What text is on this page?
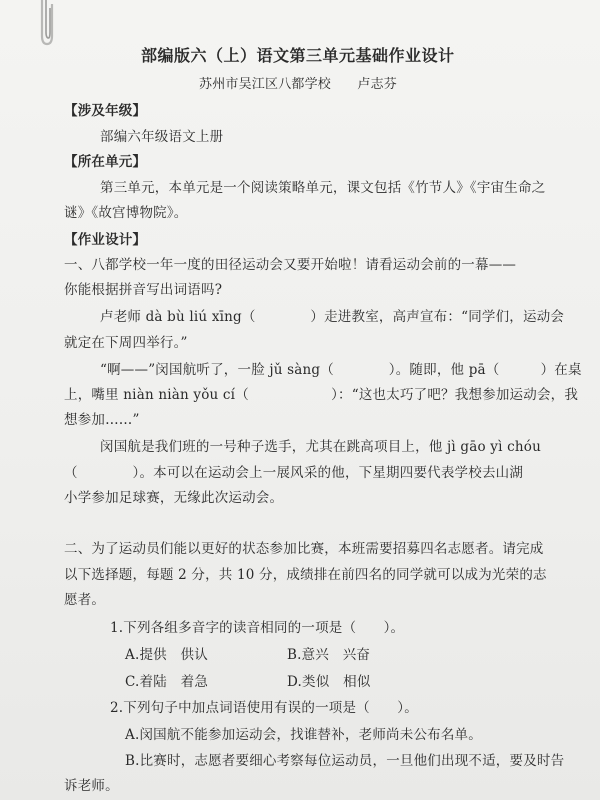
部编版六（上）语文第三单元基础作业设计
苏州市吴江区八都学校　　卢志芬
【涉及年级】
部编六年级语文上册
【所在单元】
第三单元，本单元是一个阅读策略单元，课文包括《竹节人》《宇宙生命之
谜》《故宫博物院》。
【作业设计】
一、八都学校一年一度的田径运动会又要开始啦！请看运动会前的一幕——
你能根据拼音写出词语吗?
卢老师 dà bù liú xīng（　　　　）走进教室，高声宣布：“同学们，运动会
就定在下周四举行。”
“啊——”闵国航听了，一脸 jǔ sàng（　　　　）。随即，他 pā（　　　）在桌
上，嘴里 niàn niàn yǒu cí（　　　　　　）：“这也太巧了吧？我想参加运动会，我
想参加……”
闵国航是我们班的一号种子选手，尤其在跳高项目上，他 jì gāo yì chóu
（　　　　）。本可以在运动会上一展风采的他，下星期四要代表学校去山湖
小学参加足球赛，无缘此次运动会。
二、为了运动员们能以更好的状态参加比赛，本班需要招募四名志愿者。请完成
以下选择题，每题 2 分，共 10 分，成绩排在前四名的同学就可以成为光荣的志
愿者。
1.下列各组多音字的读音相同的一项是（　　）。
A.提供　供认	B.意兴　兴奋
C.着陆　着急	D.类似　相似
2.下列句子中加点词语使用有误的一项是（　　）。
A.闵国航不能参加运动会，找谁替补，老师尚未公布名单。
B.比赛时，志愿者要细心考察每位运动员，一旦他们出现不适，要及时告
诉老师。
